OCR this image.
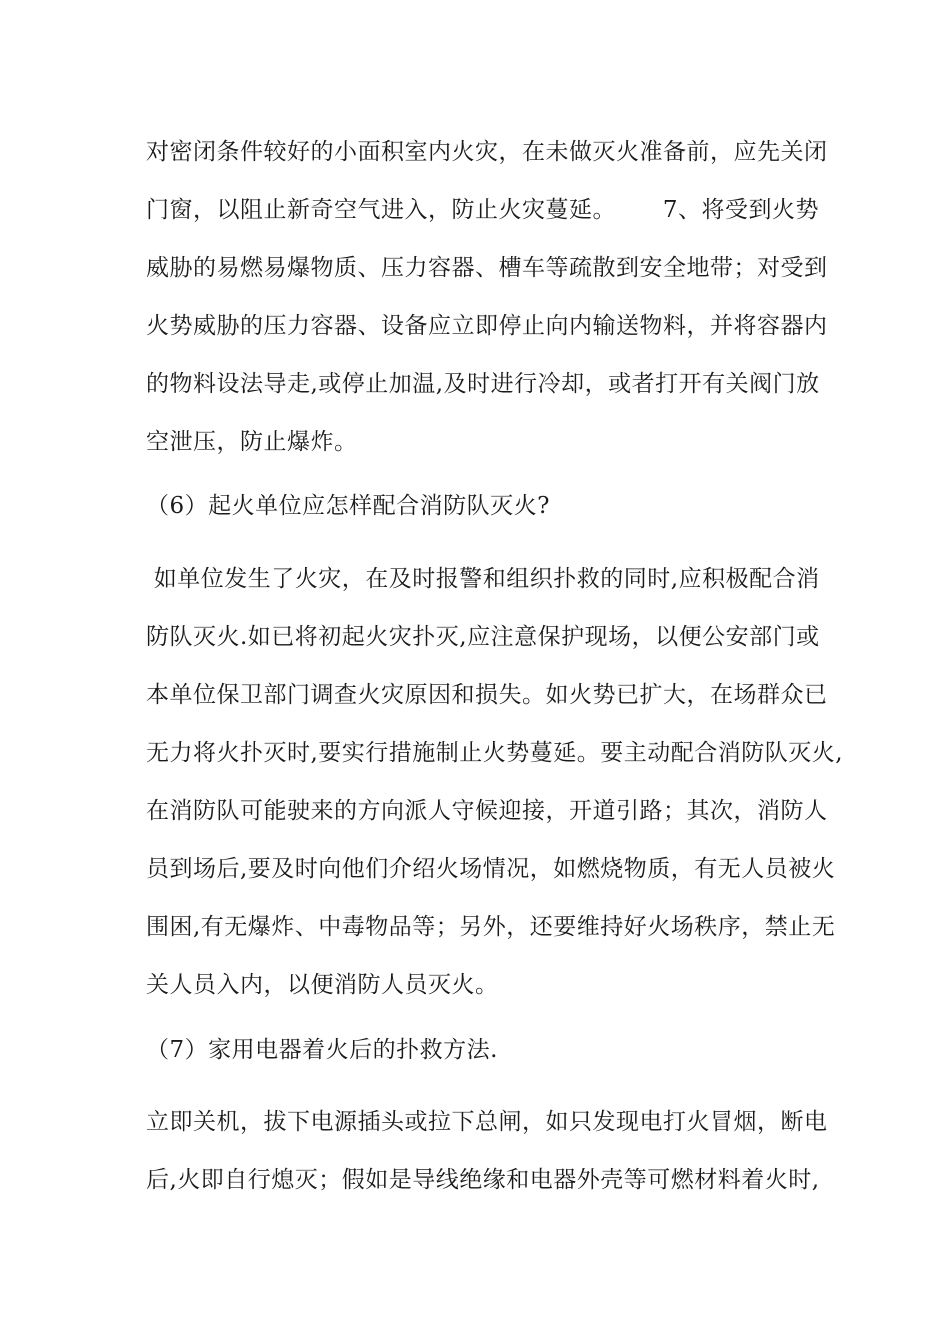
对密闭条件较好的小面积室内火灾，在未做灭火准备前，应先关闭
门窗，以阻止新奇空气进入，防止火灾蔓延。      7、将受到火势
威胁的易燃易爆物质、压力容器、槽车等疏散到安全地带；对受到
火势威胁的压力容器、设备应立即停止向内输送物料，并将容器内
的物料设法导走,或停止加温,及时进行冷却，或者打开有关阀门放
空泄压，防止爆炸。
（6）起火单位应怎样配合消防队灭火?
如单位发生了火灾，在及时报警和组织扑救的同时,应积极配合消
防队灭火.如已将初起火灾扑灭,应注意保护现场，以便公安部门或
本单位保卫部门调查火灾原因和损失。如火势已扩大，在场群众已
无力将火扑灭时,要实行措施制止火势蔓延。要主动配合消防队灭火,
在消防队可能驶来的方向派人守候迎接，开道引路；其次，消防人
员到场后,要及时向他们介绍火场情况，如燃烧物质，有无人员被火
围困,有无爆炸、中毒物品等；另外，还要维持好火场秩序，禁止无
关人员入内，以便消防人员灭火。
（7）家用电器着火后的扑救方法.
立即关机，拔下电源插头或拉下总闸，如只发现电打火冒烟，断电
后,火即自行熄灭；假如是导线绝缘和电器外壳等可燃材料着火时,
